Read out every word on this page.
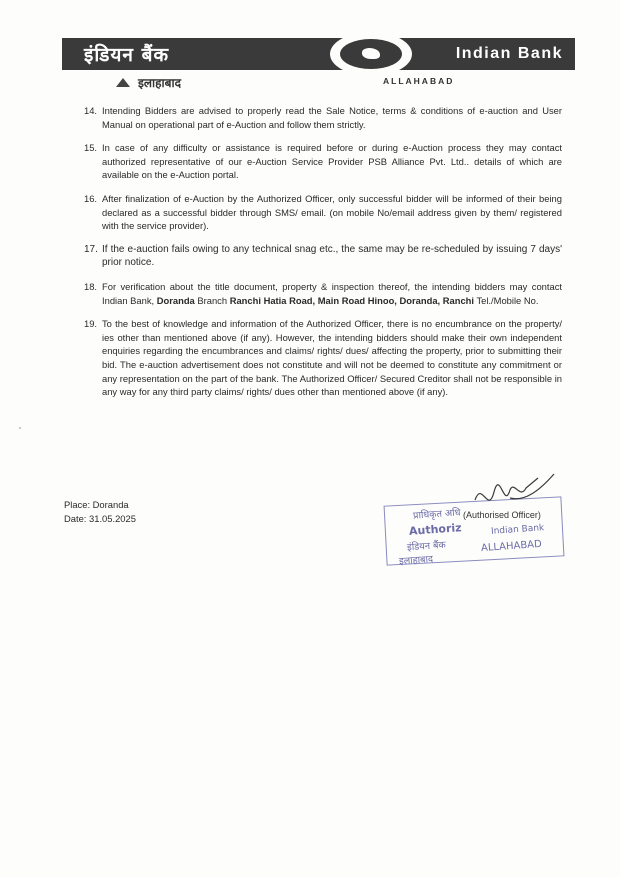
इंडियन बैंक	Indian Bank
इलाहाबाद	ALLAHABAD
14. Intending Bidders are advised to properly read the Sale Notice, terms & conditions of e-auction and User Manual on operational part of e-Auction and follow them strictly.
15. In case of any difficulty or assistance is required before or during e-Auction process they may contact authorized representative of our e-Auction Service Provider PSB Alliance Pvt. Ltd.. details of which are available on the e-Auction portal.
16. After finalization of e-Auction by the Authorized Officer, only successful bidder will be informed of their being declared as a successful bidder through SMS/ email. (on mobile No/email address given by them/ registered with the service provider).
17. If the e-auction fails owing to any technical snag etc., the same may be re-scheduled by issuing 7 days' prior notice.
18. For verification about the title document, property & inspection thereof, the intending bidders may contact Indian Bank, Doranda Branch Ranchi Hatia Road, Main Road Hinoo, Doranda, Ranchi Tel./Mobile No.
19. To the best of knowledge and information of the Authorized Officer, there is no encumbrance on the property/ ies other than mentioned above (if any). However, the intending bidders should make their own independent enquiries regarding the encumbrances and claims/ rights/ dues/ affecting the property, prior to submitting their bid. The e-auction advertisement does not constitute and will not be deemed to constitute any commitment or any representation on the part of the bank. The Authorized Officer/ Secured Creditor shall not be responsible in any way for any third party claims/ rights/ dues other than mentioned above (if any).
Place: Doranda
Date: 31.05.2025	प्राधिकृत अधि
Authoriz
इंडियन बैंक
Indian Bank
इलाहाबाद
ALLAHABAD
(Authorised Officer)
